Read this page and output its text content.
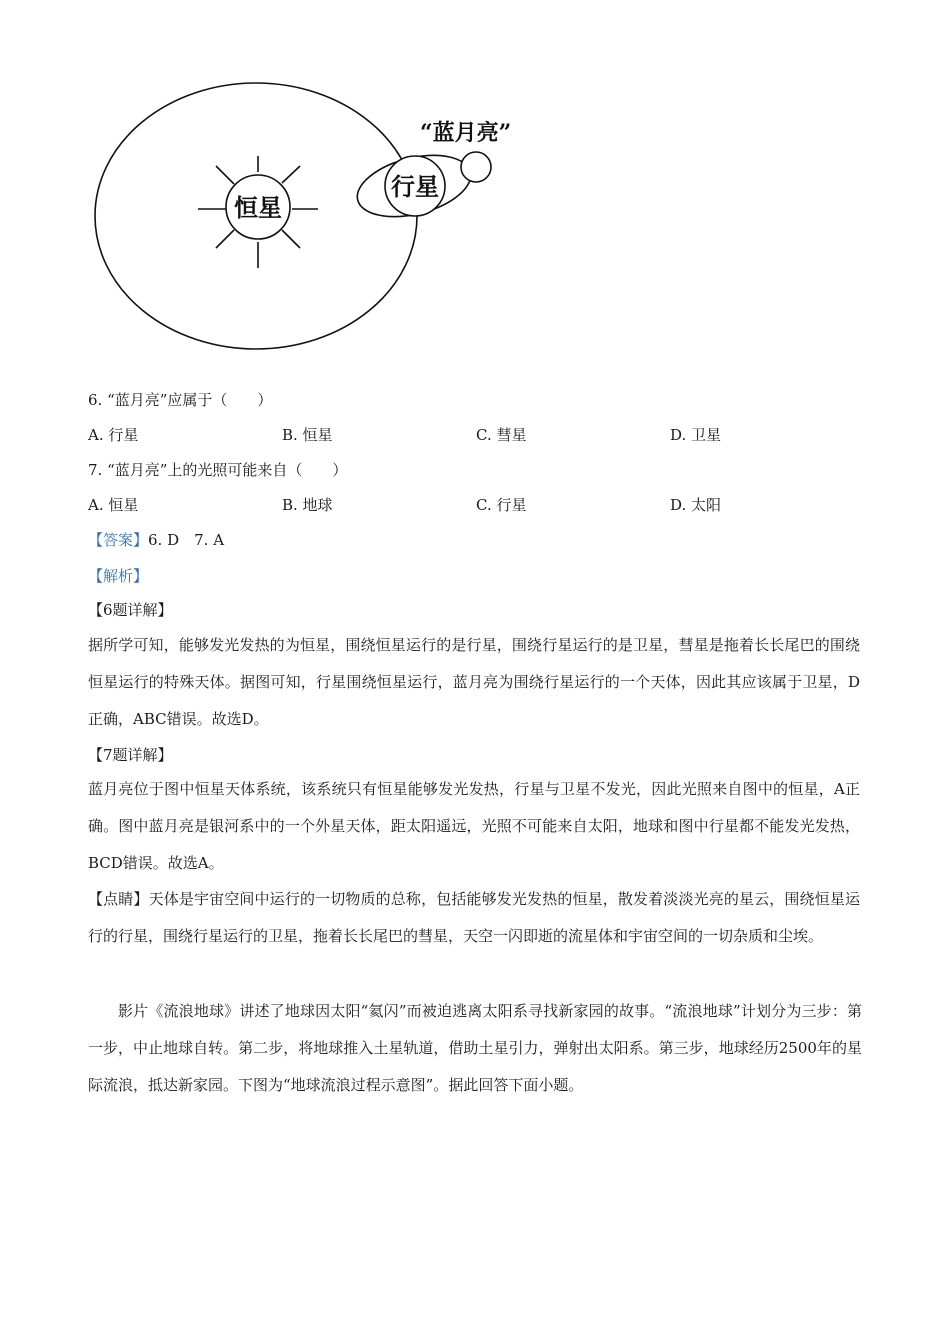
恒星
行星
“蓝月亮”
6. “蓝月亮”应属于（　　）
A. 行星	B. 恒星	C. 彗星	D. 卫星
7. “蓝月亮”上的光照可能来自（　　）
A. 恒星	B. 地球	C. 行星	D. 太阳
【答案】6. D　7. A
【解析】
【6题详解】

据所学可知，能够发光发热的为恒星，围绕恒星运行的是行星，围绕行星运行的是卫星，彗星是拖着长长尾巴的围绕恒星运行的特殊天体。据图可知，行星围绕恒星运行，蓝月亮为围绕行星运行的一个天体，因此其应该属于卫星，D正确，ABC错误。故选D。

【7题详解】

蓝月亮位于图中恒星天体系统，该系统只有恒星能够发光发热，行星与卫星不发光，因此光照来自图中的恒星，A正确。图中蓝月亮是银河系中的一个外星天体，距太阳遥远，光照不可能来自太阳，地球和图中行星都不能发光发热，BCD错误。故选A。

【点睛】天体是宇宙空间中运行的一切物质的总称，包括能够发光发热的恒星，散发着淡淡光亮的星云，围绕恒星运行的行星，围绕行星运行的卫星，拖着长长尾巴的彗星，天空一闪即逝的流星体和宇宙空间的一切杂质和尘埃。

影片《流浪地球》讲述了地球因太阳“氦闪”而被迫逃离太阳系寻找新家园的故事。“流浪地球”计划分为三步：第一步，中止地球自转。第二步，将地球推入土星轨道，借助土星引力，弹射出太阳系。第三步，地球经历2500年的星际流浪，抵达新家园。下图为“地球流浪过程示意图”。据此回答下面小题。
